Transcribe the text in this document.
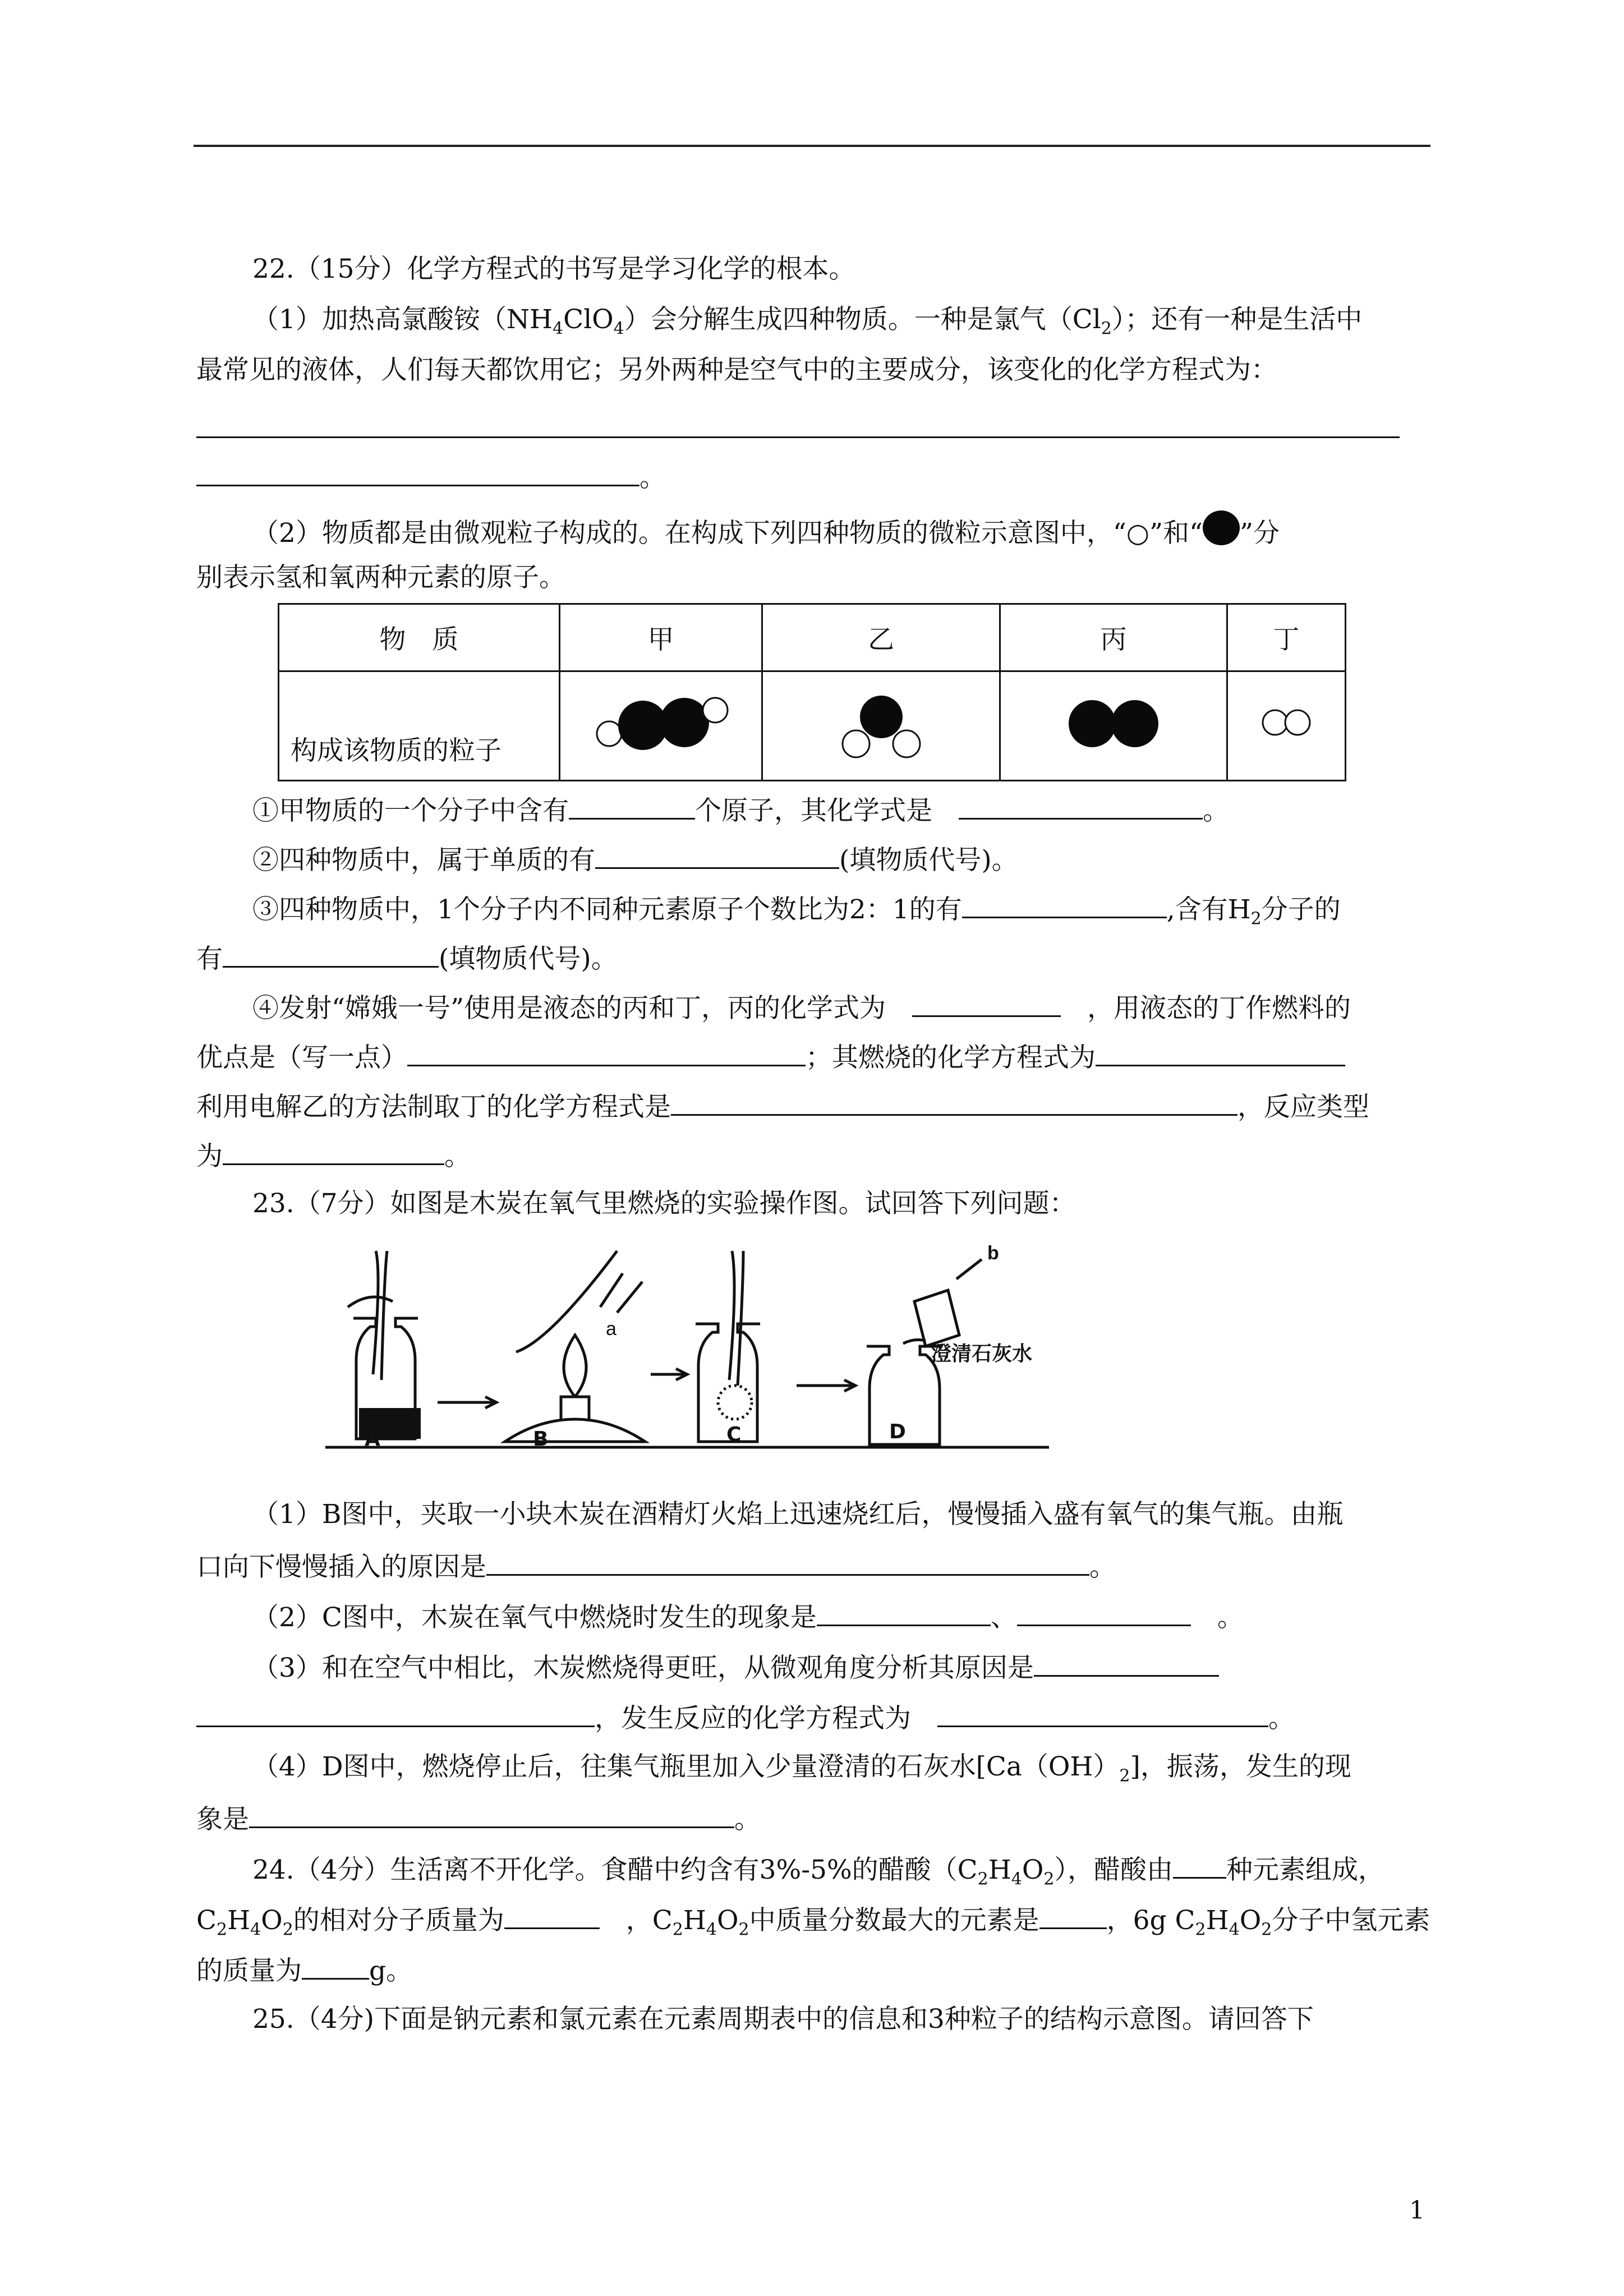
22.（15分）化学方程式的书写是学习化学的根本。
（1）加热高氯酸铵$(NH_4ClO_4)$会分解生成四种物质。一种是氯气$(Cl_2)$；还有一种是生活中
最常见的液体，人们每天都饮用它；另外两种是空气中的主要成分，该变化的化学方程式为：
。
（2）物质都是由微观粒子构成的。在构成下列四种物质的微粒示意图中，“○”和“ ”分
别表示氢和氧两种元素的原子。
物　质	甲	乙	丙	丁
构成该物质的粒子				
①甲物质的一个分子中含有	个原子，其化学式是　	。
②四种物质中，属于单质的有	(填物质代号)。
③四种物质中，1个分子内不同种元素原子个数比为2：1的有	,含有$H_2$分子的
有	(填物质代号)。
④发射“嫦娥一号”使用是液态的丙和丁，丙的化学式为　　	，用液态的丁作燃料的
优点是（写一点）	；其燃烧的化学方程式为
利用电解乙的方法制取丁的化学方程式是	，反应类型
为	。
23.（7分）如图是木炭在氧气里燃烧的实验操作图。试回答下列问题：
a
b
澄清石灰水
A	B	C	D
（1）B图中，夹取一小块木炭在酒精灯火焰上迅速烧红后，慢慢插入盛有氧气的集气瓶。由瓶
口向下慢慢插入的原因是	。
（2）C图中，木炭在氧气中燃烧时发生的现象是	、　	。
（3）和在空气中相比，木炭燃烧得更旺，从微观角度分析其原因是
，发生反应的化学方程式为　	。
（4）D图中，燃烧停止后，往集气瓶里加入少量澄清的石灰水$[Ca(OH)_2]$，振荡，发生的现
象是	。
24.（4分）生活离不开化学。食醋中约含有3%-5%的醋酸$(C_2H_4O_2)$，醋酸由 种元素组成，
$C_2H_4O_2$的相对分子质量为　	，$C_2H_4O_2$中质量分数最大的元素是	，6g $C_2H_4O_2$分子中氢元素
的质量为	g。
25.（4分)下面是钠元素和氯元素在元素周期表中的信息和3种粒子的结构示意图。请回答下
1
